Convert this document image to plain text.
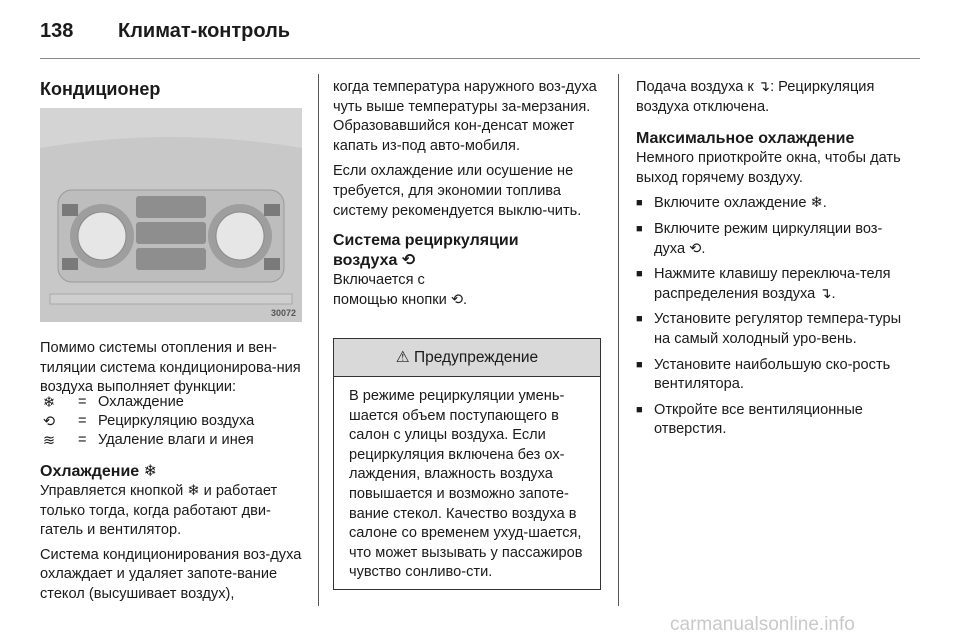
138 Климат-контроль
Кондиционер
30072

Помимо системы отопления и вен-тиляции система кондиционирова-ния воздуха выполняет функции:

❄ = Охлаждение
⟲ = Рециркуляцию воздуха
≋ = Удаление влаги и инея
Охлаждение ❄

Управляется кнопкой ❄ и работает только тогда, когда работают дви-гатель и вентилятор.

Система кондиционирования воз-духа охлаждает и удаляет запоте-вание стекол (высушивает воздух),

когда температура наружного воз-духа чуть выше температуры за-мерзания. Образовавшийся кон-денсат может капать из-под авто-мобиля.

Если охлаждение или осушение не требуется, для экономии топлива систему рекомендуется выклю-чить.

Система рециркуляции
воздуха ⟲

Включается с помощью кнопки ⟲.

⚠ Предупреждение

В режиме рециркуляции умень-шается объем поступающего в салон с улицы воздуха. Если рециркуляция включена без ох-лаждения, влажность воздуха повышается и возможно запоте-вание стекол. Качество воздуха в салоне со временем ухуд-шается, что может вызывать у пассажиров чувство сонливо-сти.

Подача воздуха к ↴: Рециркуляция воздуха отключена.

Максимальное охлаждение

Немного приоткройте окна, чтобы дать выход горячему воздуху.

■ Включите охлаждение ❄.
■ Включите режим циркуляции воз-духа ⟲.
■ Нажмите клавишу переключа-теля распределения воздуха ↴.
■ Установите регулятор темпера-туры на самый холодный уро-вень.
■ Установите наибольшую ско-рость вентилятора.
■ Откройте все вентиляционные отверстия.
carmanualsonline.info
